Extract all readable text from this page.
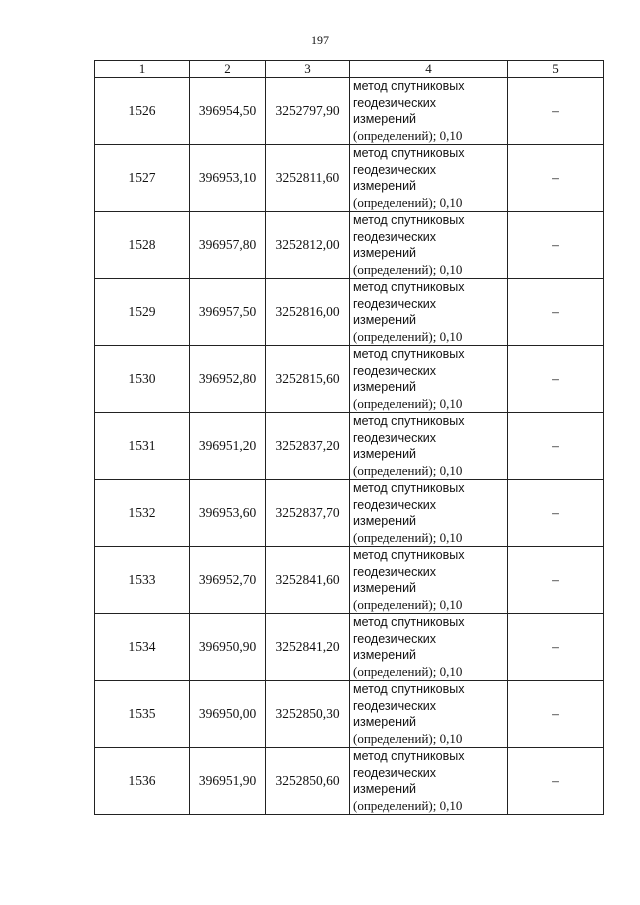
197
1	2	3	4	5
1526	396954,50	3252797,90	метод спутниковых
геодезических
измерений
(определений); 0,10	–
1527	396953,10	3252811,60	метод спутниковых
геодезических
измерений
(определений); 0,10	–
1528	396957,80	3252812,00	метод спутниковых
геодезических
измерений
(определений); 0,10	–
1529	396957,50	3252816,00	метод спутниковых
геодезических
измерений
(определений); 0,10	–
1530	396952,80	3252815,60	метод спутниковых
геодезических
измерений
(определений); 0,10	–
1531	396951,20	3252837,20	метод спутниковых
геодезических
измерений
(определений); 0,10	–
1532	396953,60	3252837,70	метод спутниковых
геодезических
измерений
(определений); 0,10	–
1533	396952,70	3252841,60	метод спутниковых
геодезических
измерений
(определений); 0,10	–
1534	396950,90	3252841,20	метод спутниковых
геодезических
измерений
(определений); 0,10	–
1535	396950,00	3252850,30	метод спутниковых
геодезических
измерений
(определений); 0,10	–
1536	396951,90	3252850,60	метод спутниковых
геодезических
измерений
(определений); 0,10	–
